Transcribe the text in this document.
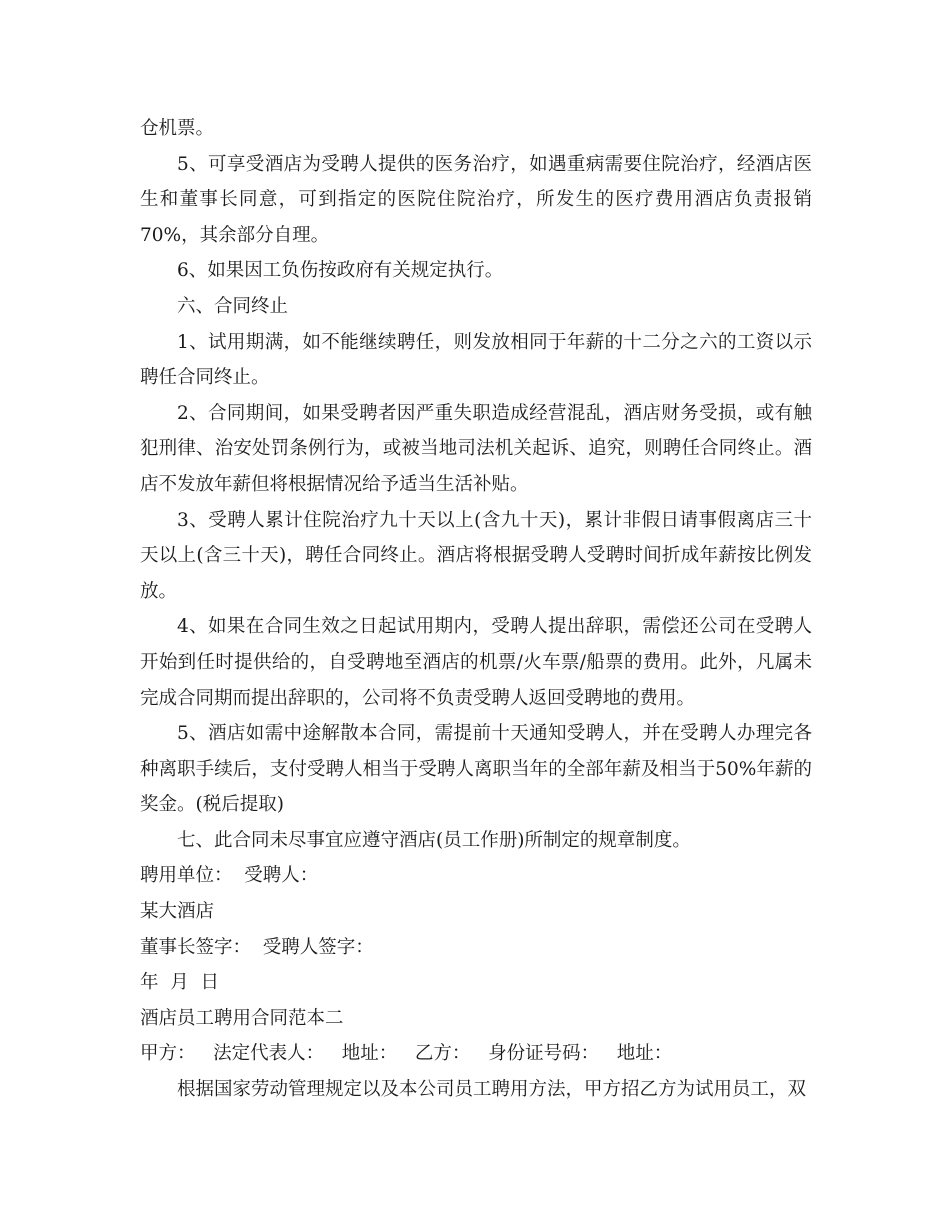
仓机票。

5、可享受酒店为受聘人提供的医务治疗，如遇重病需要住院治疗，经酒店医生和董事长同意，可到指定的医院住院治疗，所发生的医疗费用酒店负责报销70%，其余部分自理。

6、如果因工负伤按政府有关规定执行。

六、合同终止

1、试用期满，如不能继续聘任，则发放相同于年薪的十二分之六的工资以示聘任合同终止。

2、合同期间，如果受聘者因严重失职造成经营混乱，酒店财务受损，或有触犯刑律、治安处罚条例行为，或被当地司法机关起诉、追究，则聘任合同终止。酒店不发放年薪但将根据情况给予适当生活补贴。

3、受聘人累计住院治疗九十天以上(含九十天)，累计非假日请事假离店三十天以上(含三十天)，聘任合同终止。酒店将根据受聘人受聘时间折成年薪按比例发放。

4、如果在合同生效之日起试用期内，受聘人提出辞职，需偿还公司在受聘人开始到任时提供给的，自受聘地至酒店的机票/火车票/船票的费用。此外，凡属未完成合同期而提出辞职的，公司将不负责受聘人返回受聘地的费用。

5、酒店如需中途解散本合同，需提前十天通知受聘人，并在受聘人办理完各种离职手续后，支付受聘人相当于受聘人离职当年的全部年薪及相当于50%年薪的奖金。(税后提取)

七、此合同未尽事宜应遵守酒店(员工作册)所制定的规章制度。

聘用单位：  受聘人：

某大酒店

董事长签字：  受聘人签字：

年  月  日

酒店员工聘用合同范本二

甲方：   法定代表人：   地址：   乙方：   身份证号码：   地址：

根据国家劳动管理规定以及本公司员工聘用方法，甲方招乙方为试用员工，双
